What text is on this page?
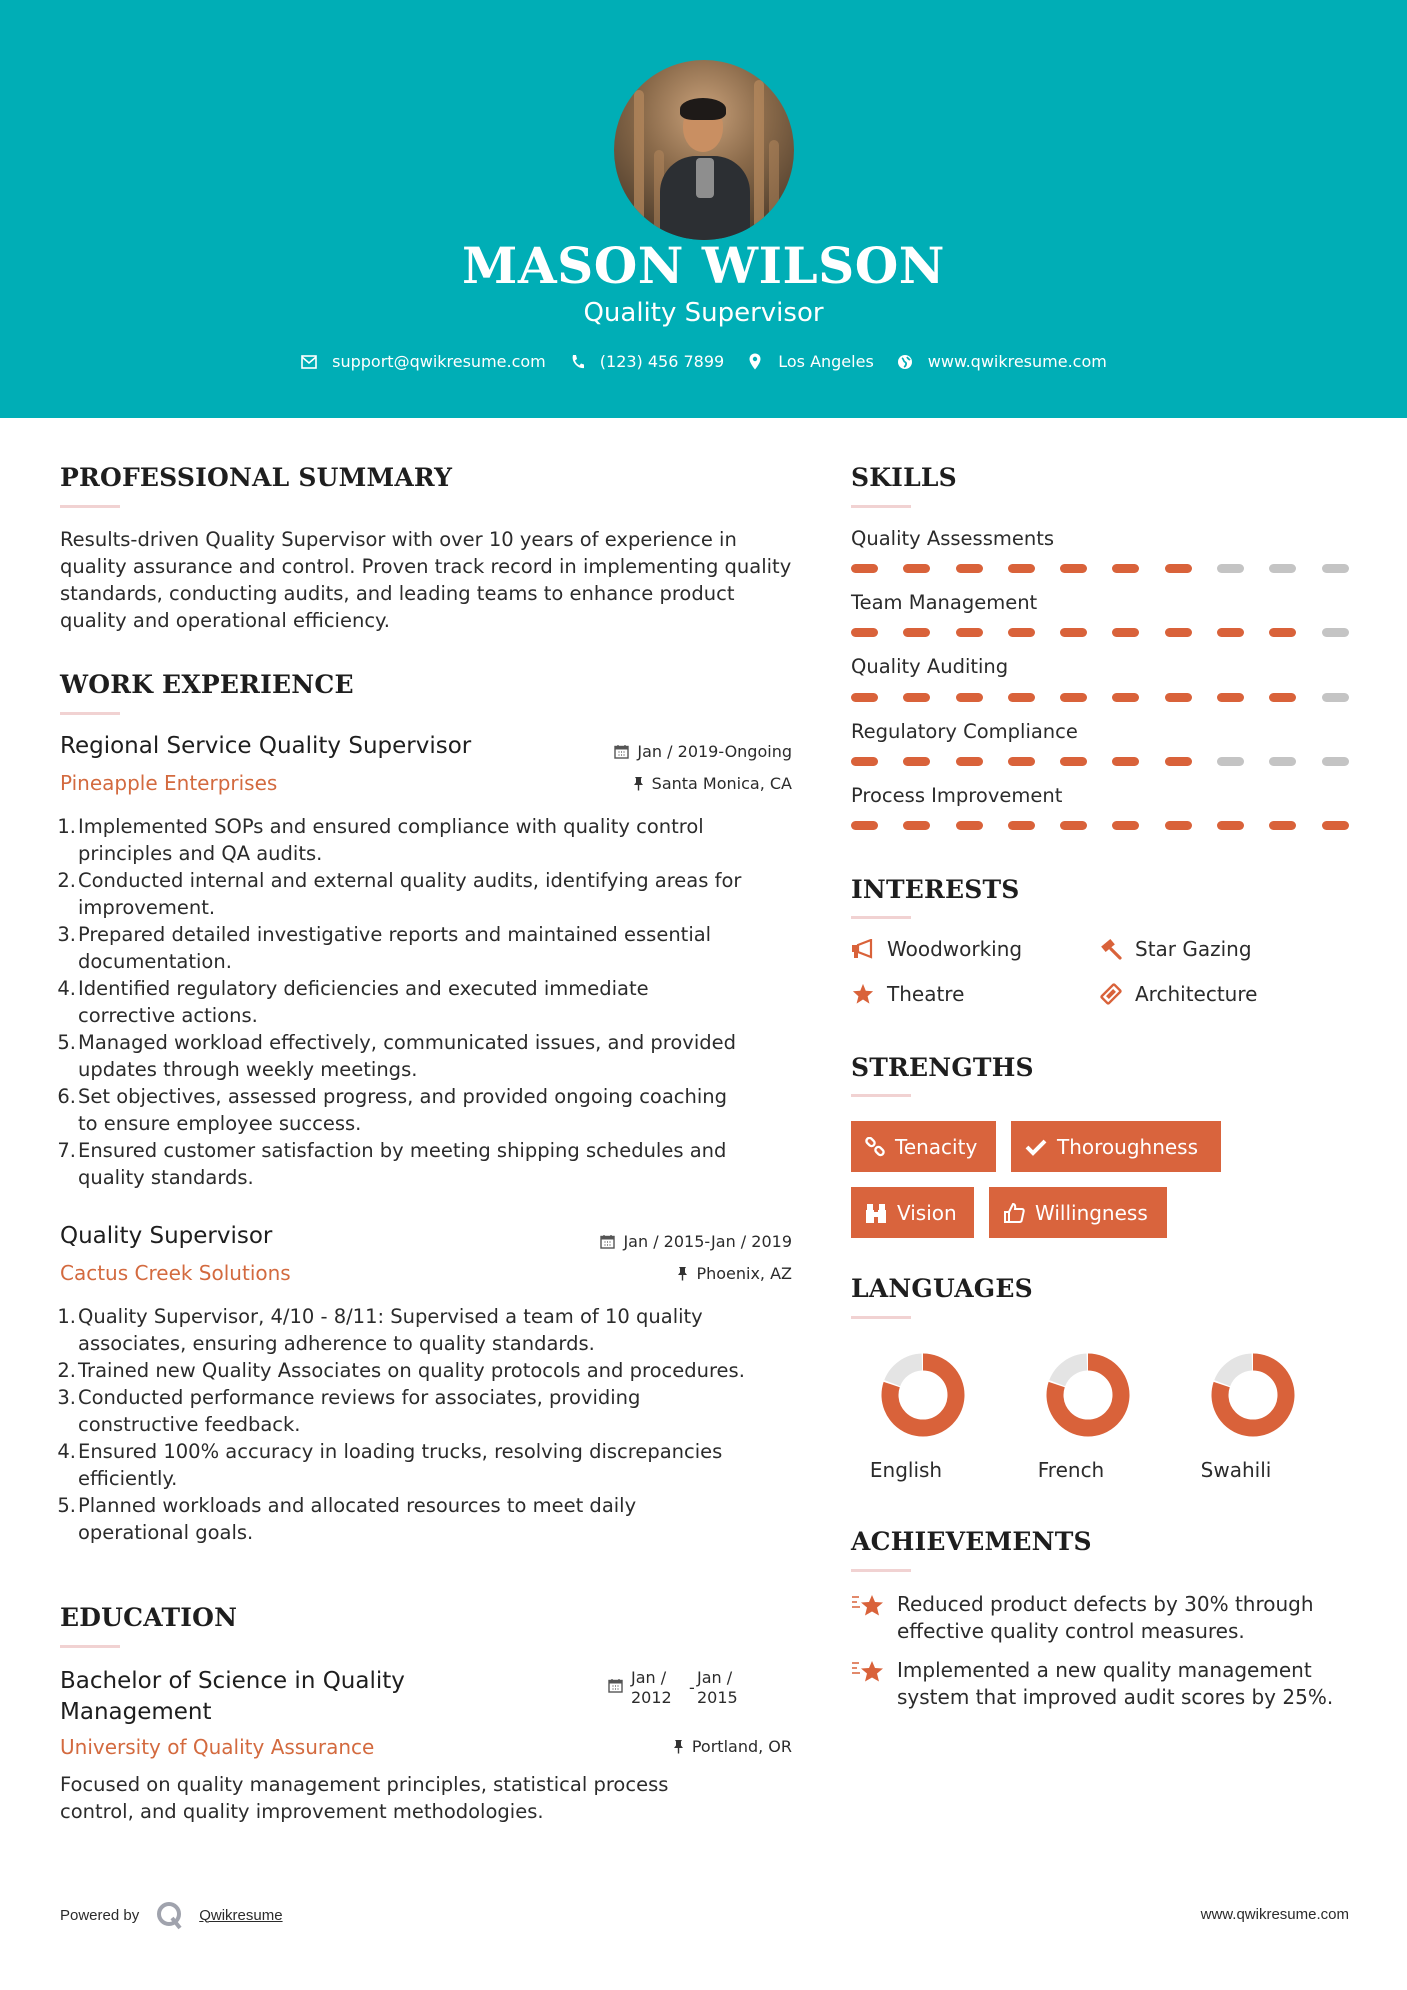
MASON WILSON
Quality Supervisor
support@qwikresume.com	(123) 456 7899	Los Angeles	www.qwikresume.com
PROFESSIONAL SUMMARY
Results-driven Quality Supervisor with over 10 years of experience in quality assurance and control. Proven track record in implementing quality standards, conducting audits, and leading teams to enhance product quality and operational efficiency.
WORK EXPERIENCE
Regional Service Quality Supervisor	Jan / 2019-Ongoing
Pineapple Enterprises	Santa Monica, CA
1. Implemented SOPs and ensured compliance with quality control
principles and QA audits.
2. Conducted internal and external quality audits, identifying areas for
improvement.
3. Prepared detailed investigative reports and maintained essential
documentation.
4. Identified regulatory deficiencies and executed immediate
corrective actions.
5. Managed workload effectively, communicated issues, and provided
updates through weekly meetings.
6. Set objectives, assessed progress, and provided ongoing coaching
to ensure employee success.
7. Ensured customer satisfaction by meeting shipping schedules and
quality standards.
Quality Supervisor	Jan / 2015-Jan / 2019
Cactus Creek Solutions	Phoenix, AZ
1. Quality Supervisor, 4/10 - 8/11: Supervised a team of 10 quality
associates, ensuring adherence to quality standards.
2. Trained new Quality Associates on quality protocols and procedures.
3. Conducted performance reviews for associates, providing
constructive feedback.
4. Ensured 100% accuracy in loading trucks, resolving discrepancies
efficiently.
5. Planned workloads and allocated resources to meet daily
operational goals.
EDUCATION
Bachelor of Science in Quality
Management
Jan /
2012
-
Jan /
2015
University of Quality Assurance	Portland, OR
Focused on quality management principles, statistical process
control, and quality improvement methodologies.
SKILLS
Quality Assessments
Team Management
Quality Auditing
Regulatory Compliance
Process Improvement
INTERESTS
Woodworking	Star Gazing
Theatre	Architecture
STRENGTHS
Tenacity	Thoroughness
Vision	Willingness
LANGUAGES
English	French	Swahili
ACHIEVEMENTS
Reduced product defects by 30% through
effective quality control measures.
Implemented a new quality management
system that improved audit scores by 25%.
Powered by	Qwikresume	www.qwikresume.com
